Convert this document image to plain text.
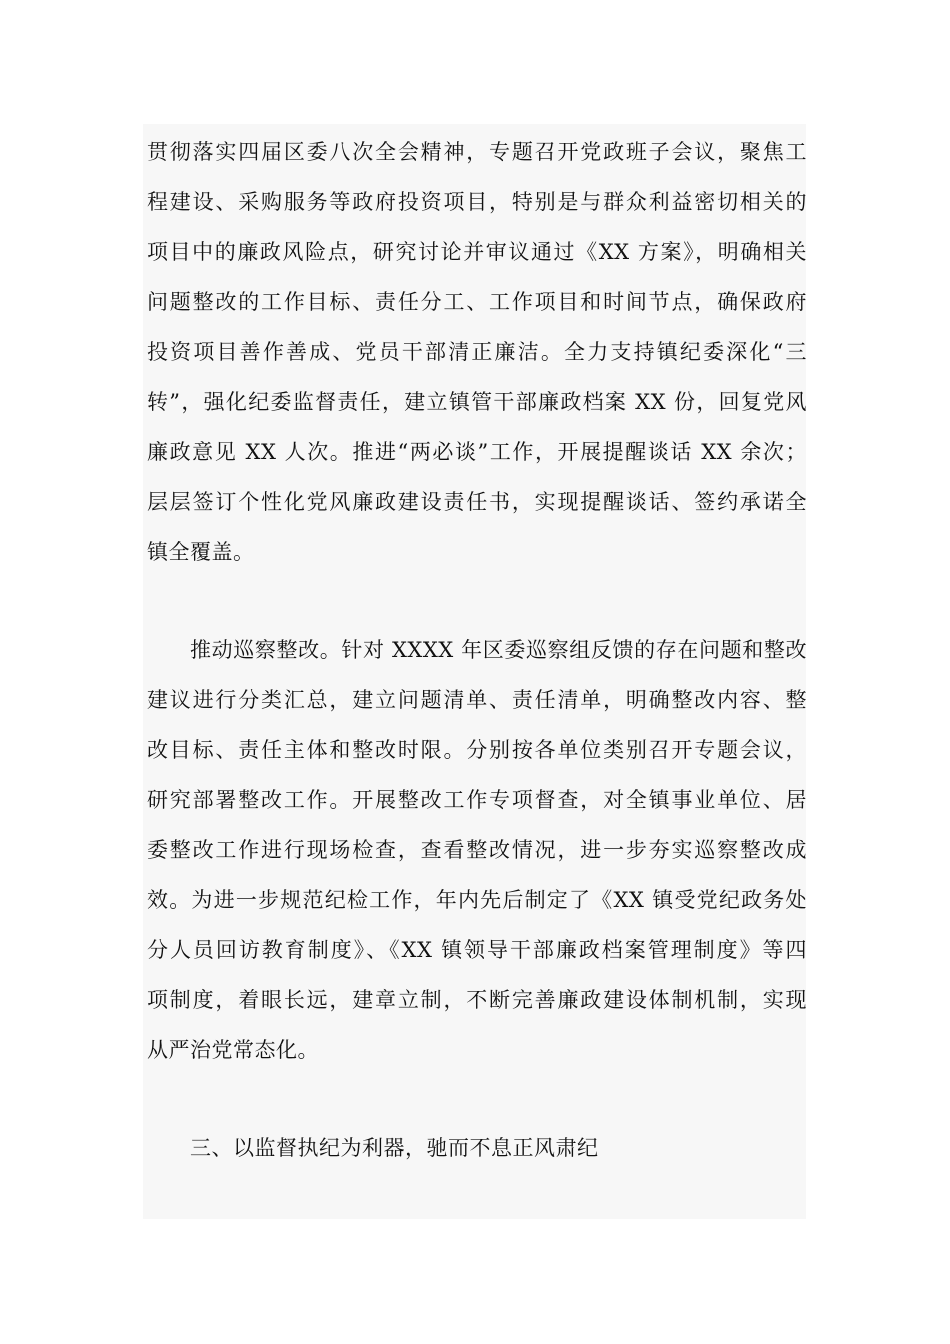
贯彻落实四届区委八次全会精神，专题召开党政班子会议，聚焦工
程建设、采购服务等政府投资项目，特别是与群众利益密切相关的
项目中的廉政风险点，研究讨论并审议通过《XX 方案》，明确相关
问题整改的工作目标、责任分工、工作项目和时间节点，确保政府
投资项目善作善成、党员干部清正廉洁。全力支持镇纪委深化“三
转”，强化纪委监督责任，建立镇管干部廉政档案 XX 份，回复党风
廉政意见 XX 人次。推进“两必谈”工作，开展提醒谈话 XX 余次；
层层签订个性化党风廉政建设责任书，实现提醒谈话、签约承诺全
镇全覆盖。
推动巡察整改。针对 XXXX 年区委巡察组反馈的存在问题和整改
建议进行分类汇总，建立问题清单、责任清单，明确整改内容、整
改目标、责任主体和整改时限。分别按各单位类别召开专题会议，
研究部署整改工作。开展整改工作专项督查，对全镇事业单位、居
委整改工作进行现场检查，查看整改情况，进一步夯实巡察整改成
效。为进一步规范纪检工作，年内先后制定了《XX 镇受党纪政务处
分人员回访教育制度》、《XX 镇领导干部廉政档案管理制度》等四
项制度，着眼长远，建章立制，不断完善廉政建设体制机制，实现
从严治党常态化。
三、以监督执纪为利器，驰而不息正风肃纪
